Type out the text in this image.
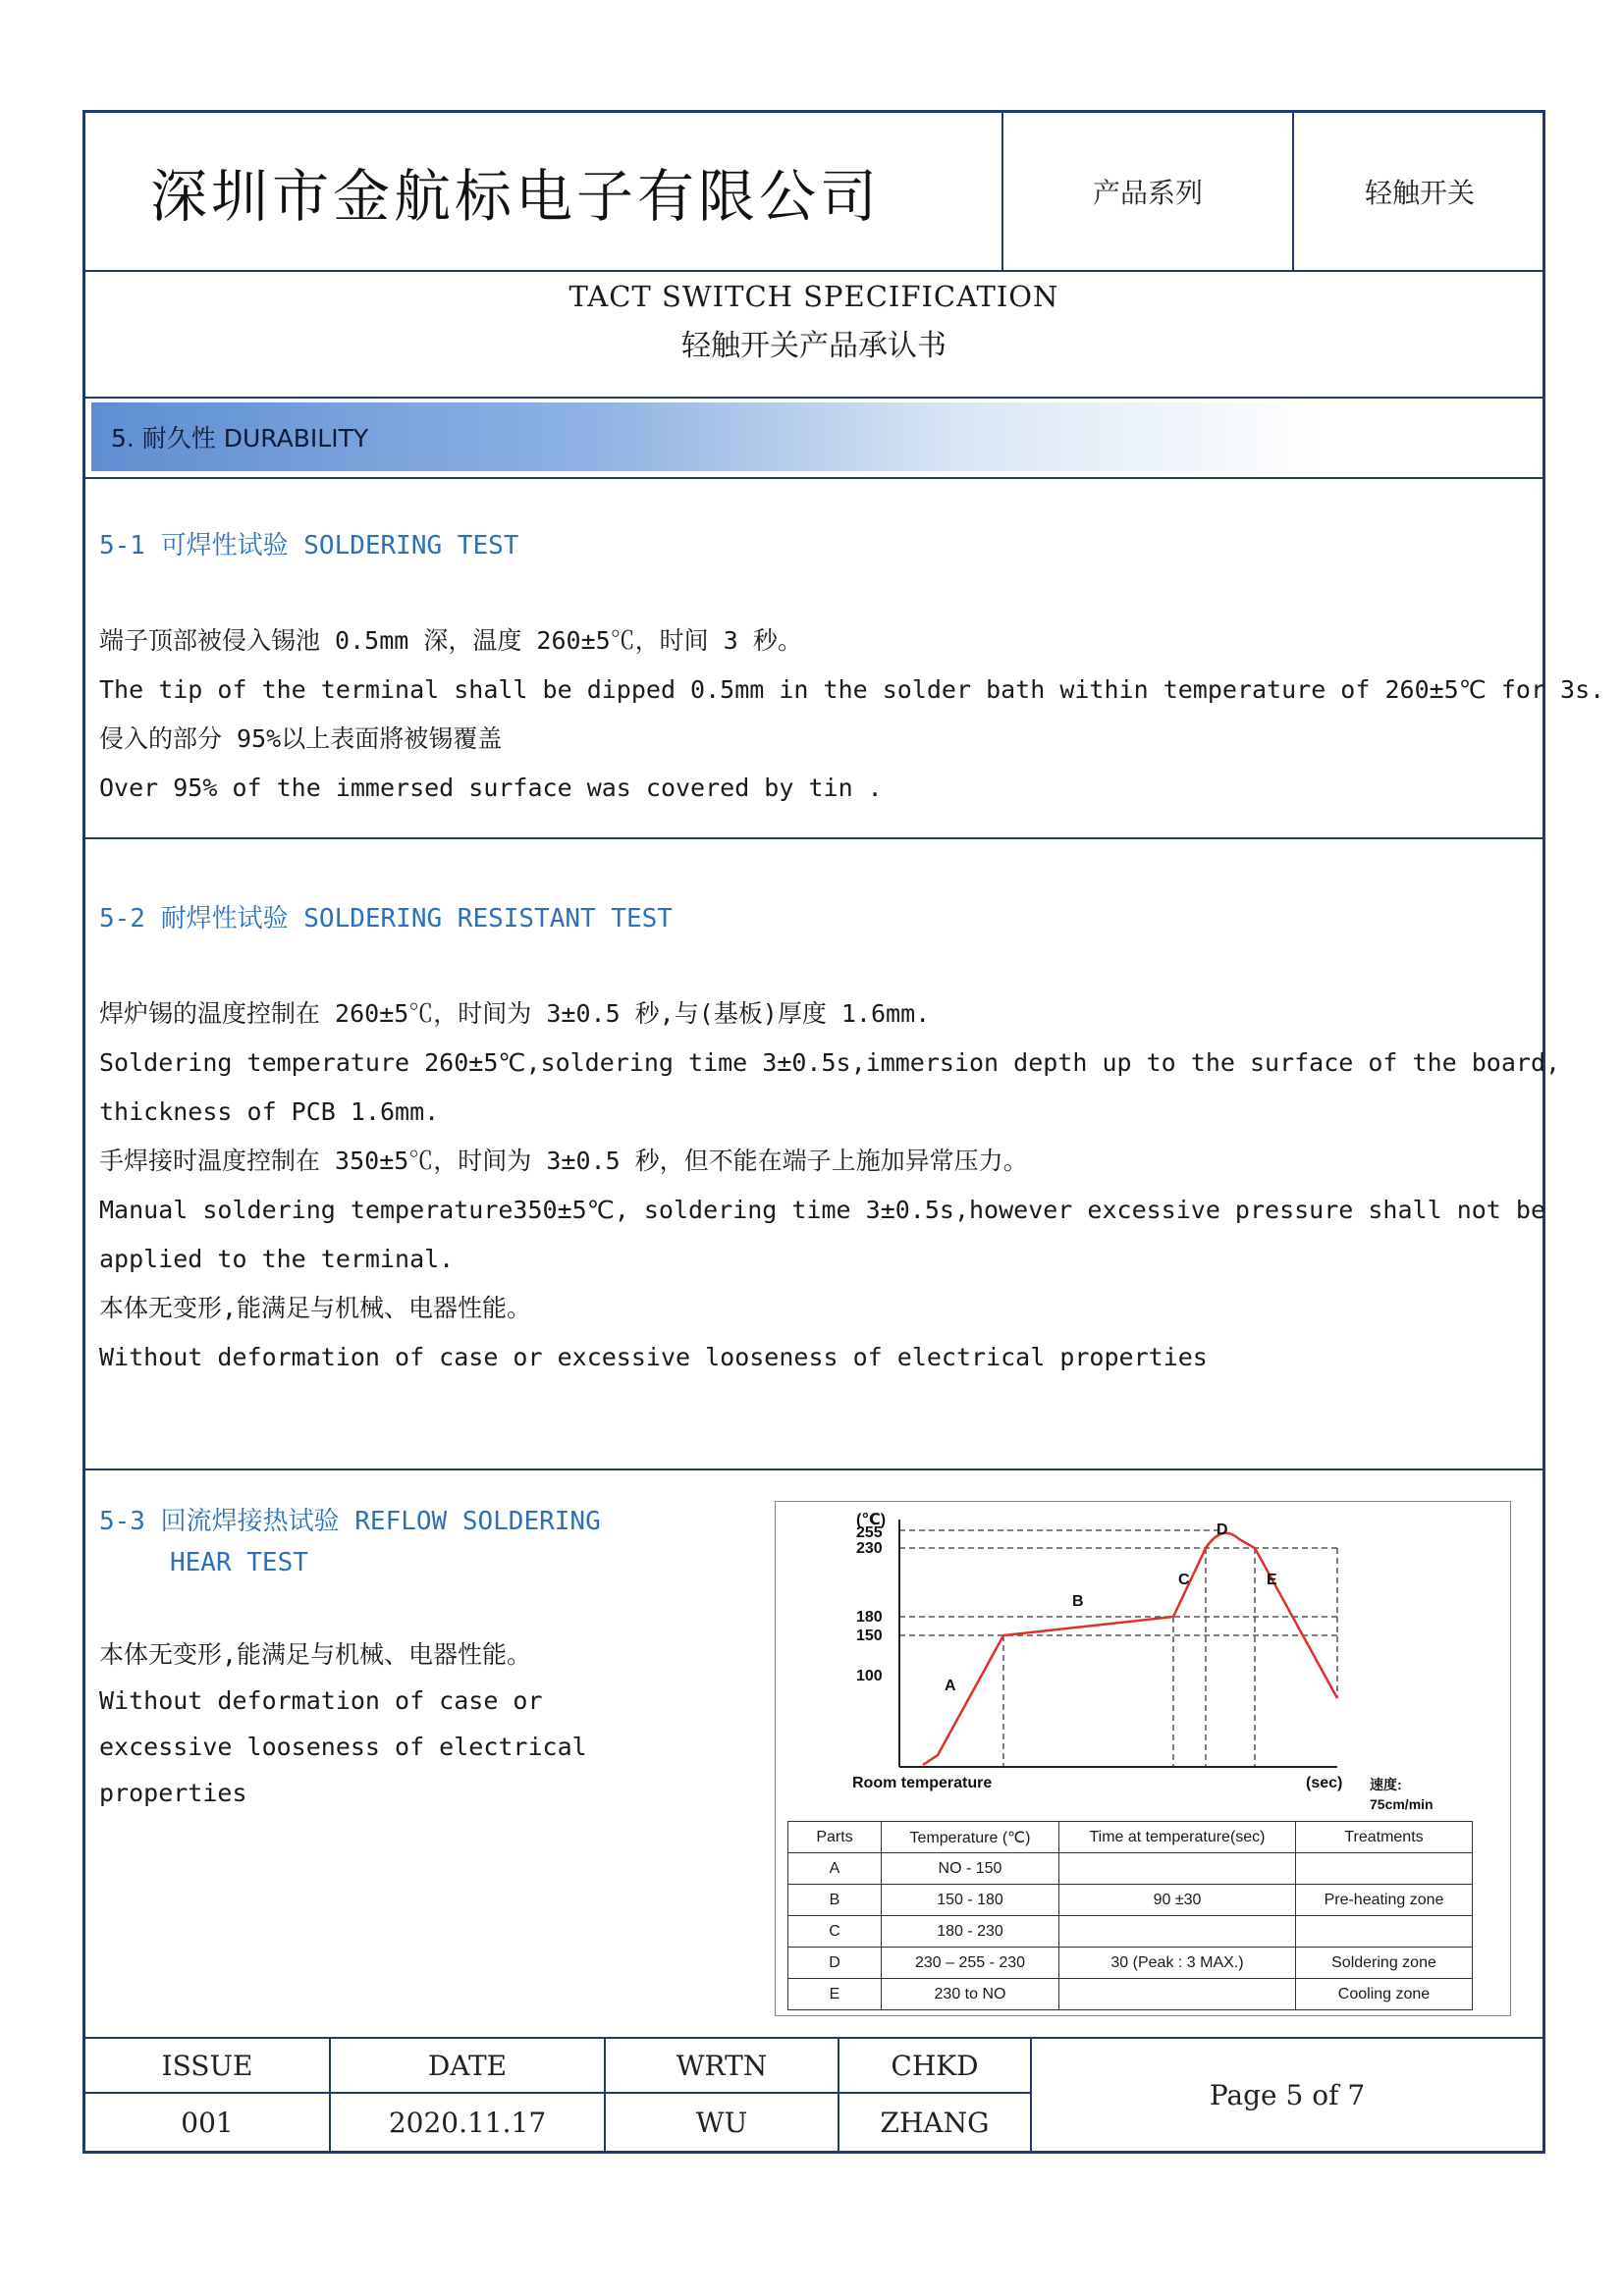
深圳市金航标电子有限公司	产品系列	轻触开关
TACT SWITCH SPECIFICATION
轻触开关产品承认书
5. 耐久性 DURABILITY
5-1 可焊性试验 SOLDERING TEST
端子顶部被侵入锡池 0.5mm 深，温度 260±5℃，时间 3 秒。
The tip of the terminal shall be dipped 0.5mm in the solder bath within temperature of 260±5℃ for 3s.
侵入的部分 95%以上表面將被锡覆盖
Over 95% of the immersed surface was covered by tin .
5-2 耐焊性试验 SOLDERING RESISTANT TEST
焊炉锡的温度控制在 260±5℃，时间为 3±0.5 秒,与(基板)厚度 1.6mm.
Soldering temperature 260±5℃,soldering time 3±0.5s,immersion depth up to the surface of the board,
thickness of PCB 1.6mm.
手焊接时温度控制在 350±5℃，时间为 3±0.5 秒，但不能在端子上施加异常压力。
Manual soldering temperature350±5℃, soldering time 3±0.5s,however excessive pressure shall not be
applied to the terminal.
本体无变形,能满足与机械、电器性能。
Without deformation of case or excessive looseness of electrical properties
5-3 回流焊接热试验 REFLOW SOLDERING
HEAR TEST
本体无变形,能满足与机械、电器性能。
Without deformation of case or
excessive looseness of electrical
properties
(℃)
255
230
180
150
100
Room temperature	(sec)
A
B
C
D
E
速度:
75cm/min
Parts	Temperature (℃)	Time at temperature(sec)	Treatments
A	NO - 150		
B	150 - 180	90 ±30	Pre-heating zone
C	180 - 230		
D	230 – 255 - 230	30 (Peak : 3 MAX.)	Soldering zone
E	230 to NO		Cooling zone
ISSUE	DATE	WRTN	CHKD
001	2020.11.17	WU	ZHANG
Page 5 of 7
